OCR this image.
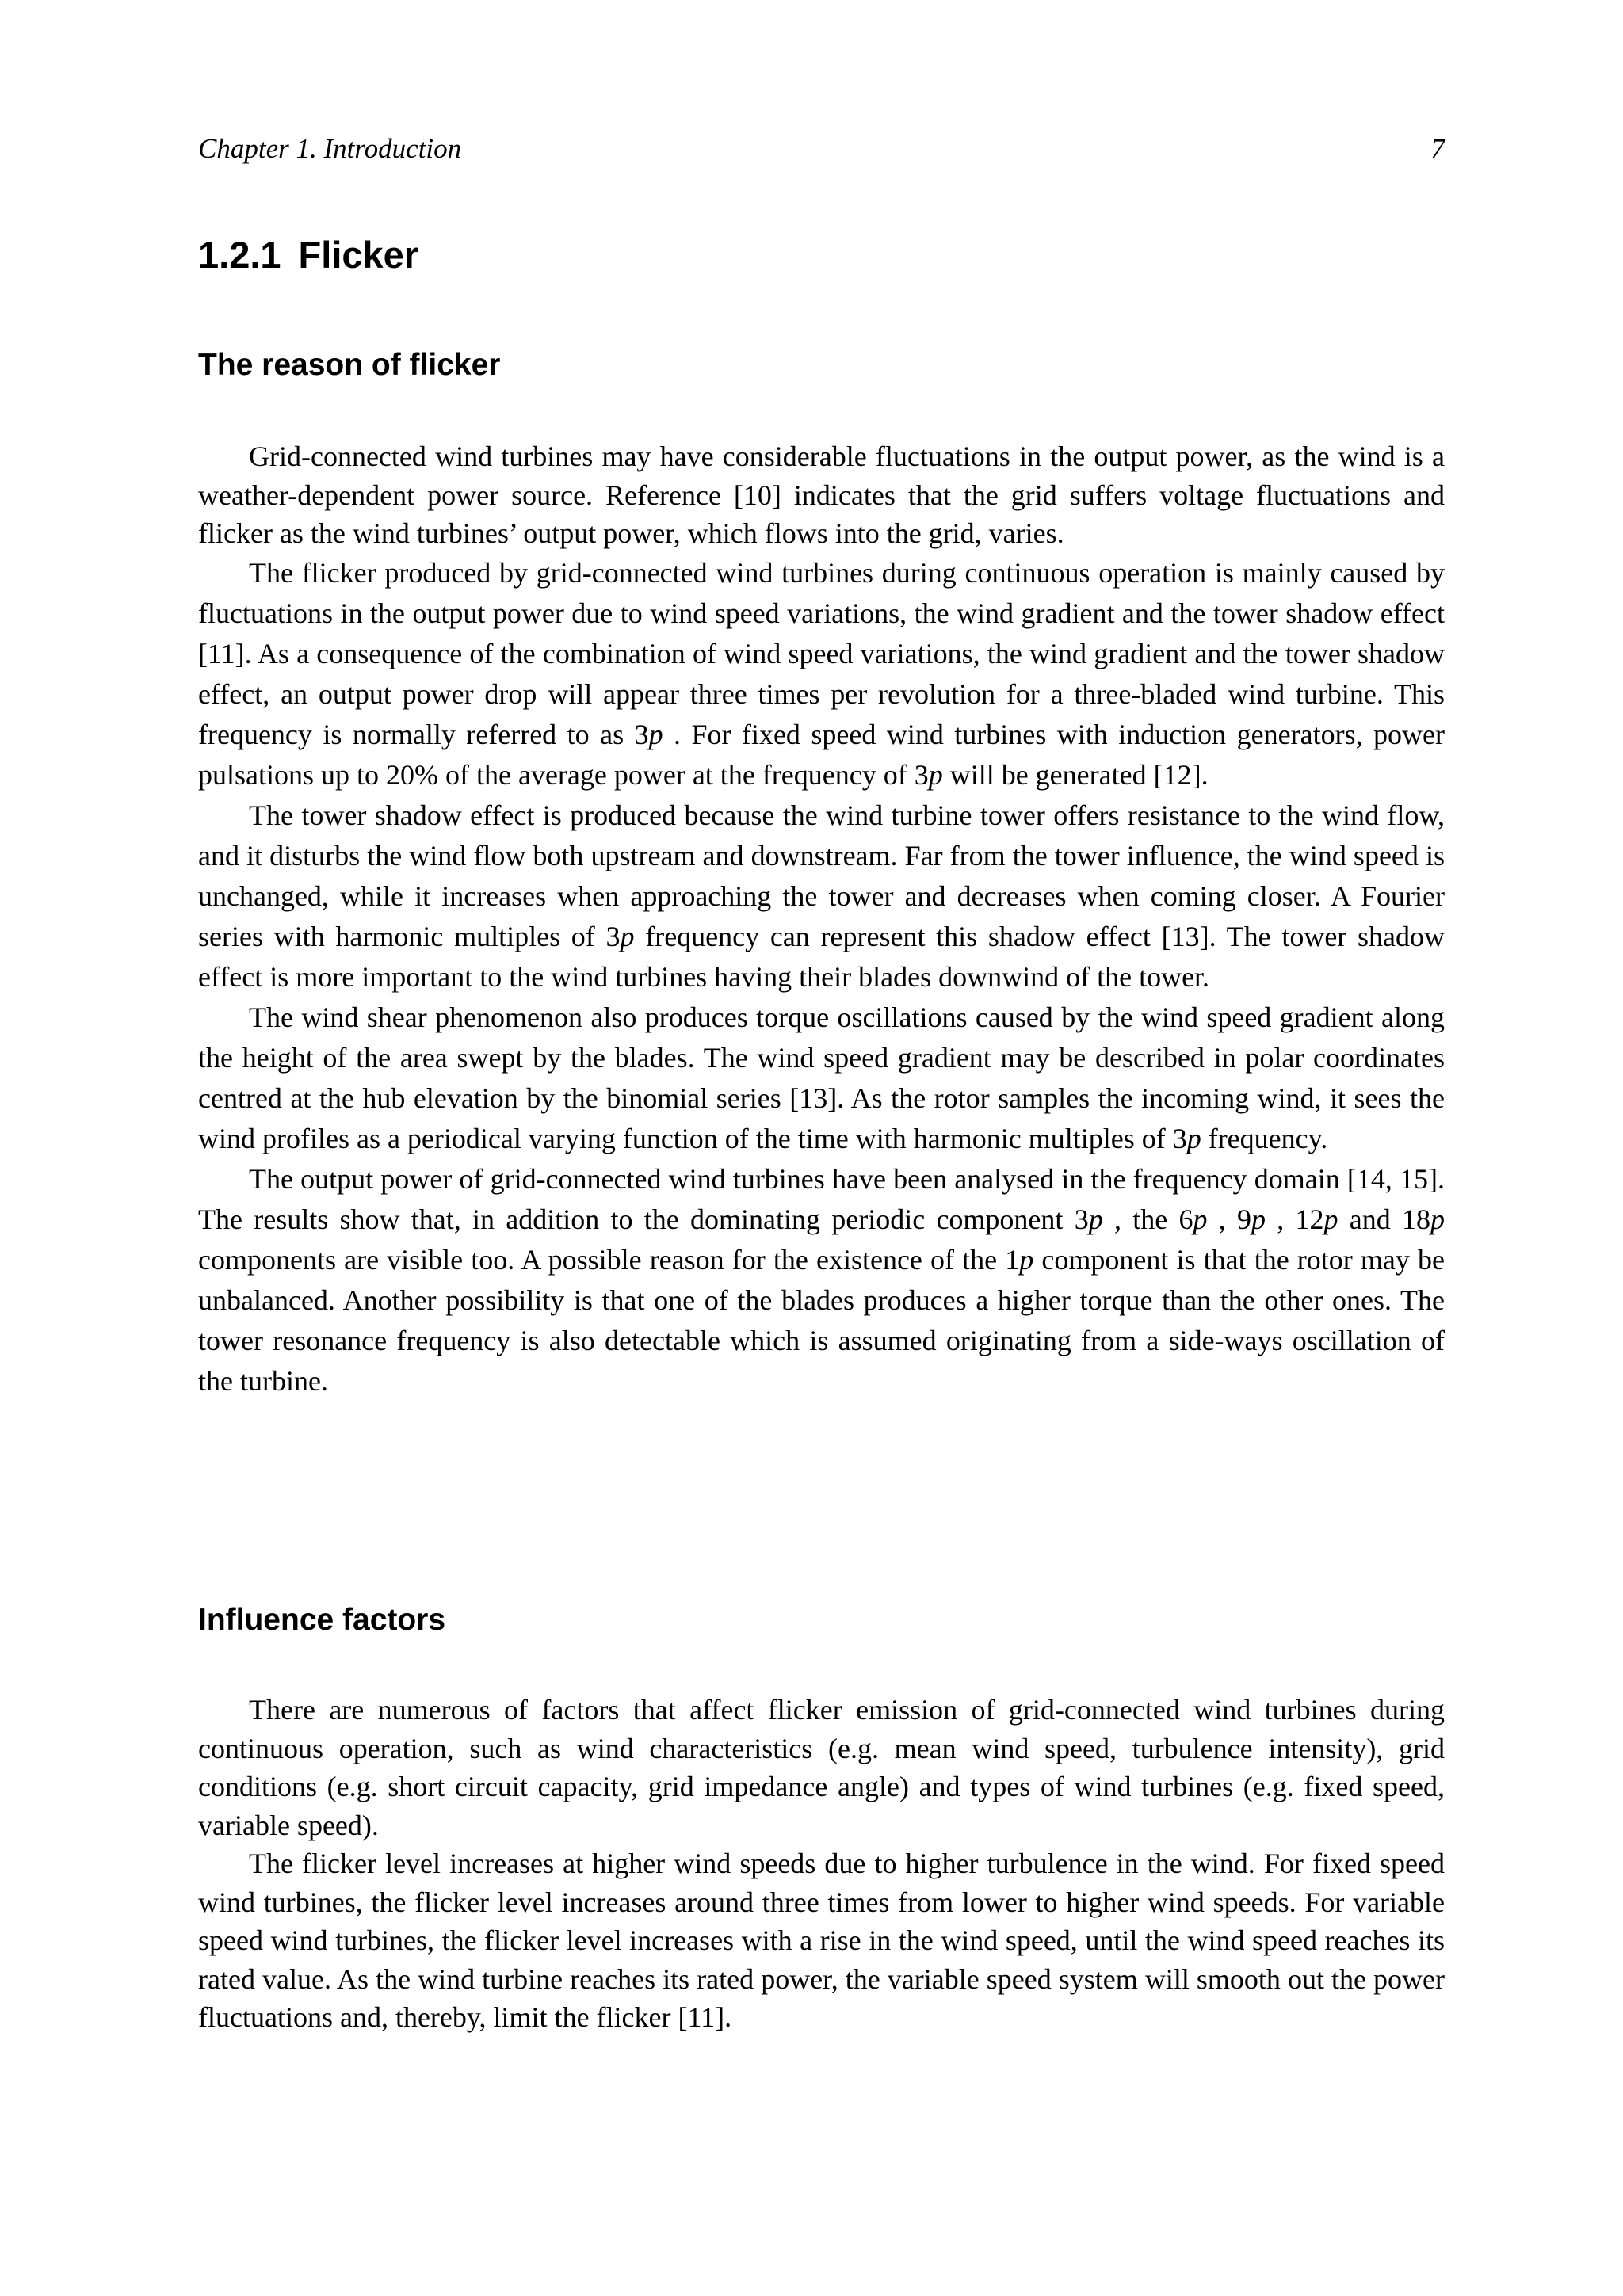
Chapter 1. Introduction	7
1.2.1 Flicker
The reason of flicker

Grid-connected wind turbines may have considerable fluctuations in the output power, as the wind is a weather-dependent power source. Reference [10] indicates that the grid suffers voltage fluctuations and flicker as the wind turbines’ output power, which flows into the grid, varies.

The flicker produced by grid-connected wind turbines during continuous operation is mainly caused by fluctuations in the output power due to wind speed variations, the wind gradient and the tower shadow effect [11]. As a consequence of the combination of wind speed variations, the wind gradient and the tower shadow effect, an output power drop will appear three times per revolution for a three-bladed wind turbine. This frequency is normally referred to as 3p . For fixed speed wind turbines with induction generators, power pulsations up to 20% of the average power at the frequency of 3p will be generated [12].

The tower shadow effect is produced because the wind turbine tower offers resistance to the wind flow, and it disturbs the wind flow both upstream and downstream. Far from the tower influence, the wind speed is unchanged, while it increases when approaching the tower and decreases when coming closer. A Fourier series with harmonic multiples of 3p frequency can represent this shadow effect [13]. The tower shadow effect is more important to the wind turbines having their blades downwind of the tower.

The wind shear phenomenon also produces torque oscillations caused by the wind speed gradient along the height of the area swept by the blades. The wind speed gradient may be described in polar coordinates centred at the hub elevation by the binomial series [13]. As the rotor samples the incoming wind, it sees the wind profiles as a periodical varying function of the time with harmonic multiples of 3p frequency.

The output power of grid-connected wind turbines have been analysed in the frequency domain [14, 15]. The results show that, in addition to the dominating periodic component 3p , the 6p , 9p , 12p and 18p components are visible too. A possible reason for the existence of the 1p component is that the rotor may be unbalanced. Another possibility is that one of the blades produces a higher torque than the other ones. The tower resonance frequency is also detectable which is assumed originating from a side-ways oscillation of the turbine.

Influence factors

There are numerous of factors that affect flicker emission of grid-connected wind turbines during continuous operation, such as wind characteristics (e.g. mean wind speed, turbulence intensity), grid conditions (e.g. short circuit capacity, grid impedance angle) and types of wind turbines (e.g. fixed speed, variable speed).

The flicker level increases at higher wind speeds due to higher turbulence in the wind. For fixed speed wind turbines, the flicker level increases around three times from lower to higher wind speeds. For variable speed wind turbines, the flicker level increases with a rise in the wind speed, until the wind speed reaches its rated value. As the wind turbine reaches its rated power, the variable speed system will smooth out the power fluctuations and, thereby, limit the flicker [11].
